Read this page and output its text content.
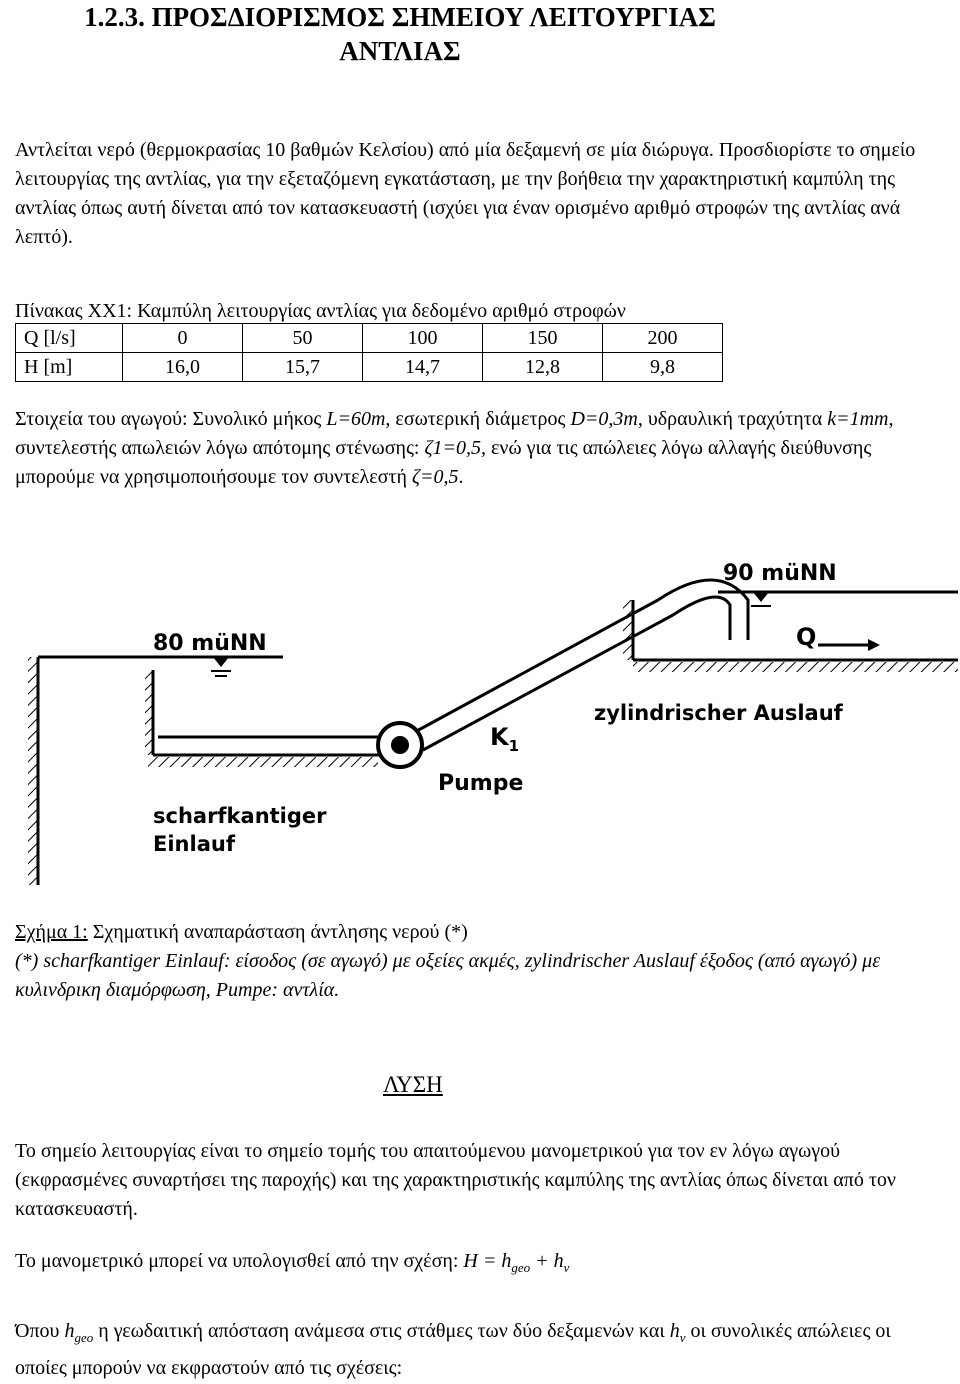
1.2.3. ΠΡΟΣΔΙΟΡΙΣΜΟΣ ΣΗΜΕΙΟΥ ΛΕΙΤΟΥΡΓΙΑΣ
ΑΝΤΛΙΑΣ

Αντλείται νερό (θερμοκρασίας 10 βαθμών Κελσίου) από μία δεξαμενή σε μία διώρυγα. Προσδιορίστε το σημείο λειτουργίας της αντλίας, για την εξεταζόμενη εγκατάσταση, με την βοήθεια την χαρακτηριστική καμπύλη της αντλίας όπως αυτή δίνεται από τον κατασκευαστή (ισχύει για έναν ορισμένο αριθμό στροφών της αντλίας ανά λεπτό).

Πίνακας ΧΧ1: Καμπύλη λειτουργίας αντλίας για δεδομένο αριθμό στροφών
Q [l/s]	0	50	100	150	200
H [m]	16,0	15,7	14,7	12,8	9,8

Στοιχεία του αγωγού: Συνολικό μήκος L=60m, εσωτερική διάμετρος D=0,3m, υδραυλική τραχύτητα k=1mm, συντελεστής απωλειών λόγω απότομης στένωσης: ζ1=0,5, ενώ για τις απώλειες λόγω αλλαγής διεύθυνσης μπορούμε να χρησιμοποιήσουμε τον συντελεστή ζ=0,5.

80 müNN
scharfkantiger
Einlauf
$K_1$
Pumpe
90 müNN
Q
zylindrischer Auslauf
Σχήμα 1: Σχηματική αναπαράσταση άντλησης νερού (*)
(*) scharfkantiger Einlauf: είσοδος (σε αγωγό) με οξείες ακμές, zylindrischer Auslauf έξοδος (από αγωγό) με κυλινδρικη διαμόρφωση, Pumpe: αντλία.
ΛΥΣΗ

Το σημείο λειτουργίας είναι το σημείο τομής του απαιτούμενου μανομετρικού για τον εν λόγω αγωγού (εκφρασμένες συναρτήσει της παροχής) και της χαρακτηριστικής καμπύλης της αντλίας όπως δίνεται από τον κατασκευαστή.

Το μανομετρικό μπορεί να υπολογισθεί από την σχέση: $H = h_{geo} + h_v$

Όπου $h_{geo}$ η γεωδαιτική απόσταση ανάμεσα στις στάθμες των δύο δεξαμενών και $h_v$ οι συνολικές απώλειες οι οποίες μπορούν να εκφραστούν από τις σχέσεις:
